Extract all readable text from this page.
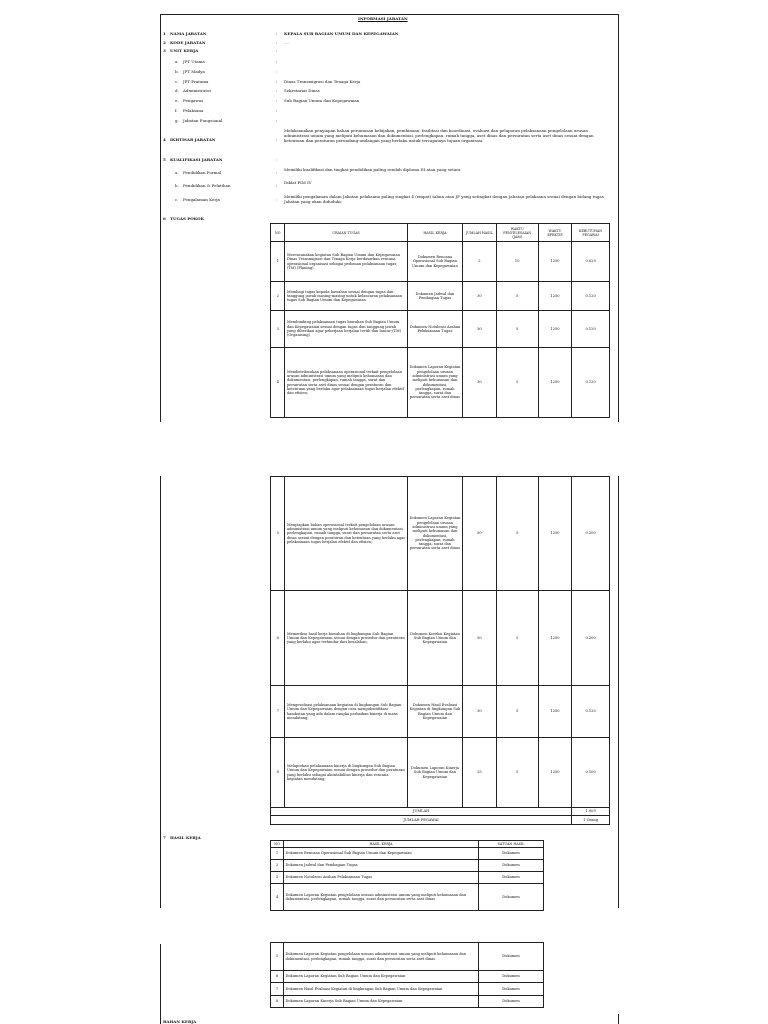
INFORMASI JABATAN
1 NAMA JABATAN	: KEPALA SUB BAGIAN UMUM DAN KEPEGAWAIAN
2 KODE JABATAN	: ....
3 UNIT KERJA	:
a. JPT Utama	:
b. JPT Madya	:
c. JPT Pratama	: Dinas Transmigrasi dan Tenaga Kerja
d. Administrator	: Sekretariat Dinas
e. Pengawas	: Sub Bagian Umum dan Kepegawaian
f. Pelaksana	:
g. Jabatan Fungsional	:
4 IKHTISAR JABATAN	:
Melaksanakan penyiapan bahan perumusan kebijakan, pembinaan, fasilitasi dan koordinasi, evaluasi dan pelaporan pelaksanaan pengelolaan urusan administrasi umum yang meliputi kehumasan dan dokumentasi, perlengkapan, rumah tangga, aset dinas dan persuratan serta aset dinas sesuai dengan ketentuan dan peraturan perundang-undangan yang berlaku untuk tercapainya tujuan organisasi.
5 KUALIFIKASI JABATAN	:
a. Pendidikan Formal	:
Memiliki kualifikasi dan tingkat pendidikan paling rendah diploma III atau yang setara
b. Pendidikan & Pelatihan	:
Diklat PIM IV
c. Pengalaman Kerja	:
Memiliki pengalaman dalam Jabatan pelaksana paling singkat 4 (empat) tahun atau JF yang setingkat dengan Jabatan pelaksana sesuai dengan bidang tugas Jabatan yang akan diduduki;
6 TUGAS POKOK
NO	URAIAN TUGAS	HASIL KERJA	JUMLAH HASIL	WAKTU PENYELESAIAN (JAM)	WAKTU EFEKTIF	KEBUTUHAN PEGAWAI
1	Merencanakan kegiatan Sub Bagian Umum dan Kepegawaian Dinas Transmigrasi dan Tenaga Kerja berdasarkan rencana operasional organisasi sebagai pedoman pelaksanaan tugas; (TM) (Planing)	Dokumen Rencana Operasional Sub Bagian Umum dan Kepegawaian	2	10	1250	0.029
2	Membagi tugas kepada bawahan sesuai dengan tugas dan tanggung jawab masing-masing untuk kelancaran pelaksanaan tugas Sub Bagian Umum dan Kepegawaian	Dokumen Jadwal dan Pembagian Tugas	30	5	1250	0.120
3	Membimbing pelaksanaan tugas bawahan Sub Bagian Umum dan Kepegawaian sesuai dengan tugas dan tanggung jawab yang diberikan agar pekerjaan berjalan tertib dan lancar;(TM) (Organising)	Dokumen Notulensi Arahan Pelaksanaan Tugas	30	5	1250	0.120
4	Mendistribusikan pelaksanaan operasional terkait pengelolaan urusan administrasi umum yang meliputi kehumasan dan dokumentasi, perlengkapan, rumah tangga, surat dan persuratan serta aset dinas sesuai dengan peraturan dan ketentuan yang berlaku agar pelaksanaan tugas berjalan efektif dan efisien;	Dokumen Laporan Kegiatan pengelolaan urusan administrasi umum yang meliputi kehumasan dan dokumentasi, perlengkapan, rumah tangga, surat dan persuratan serta aset dinas	30	5	1250	0.120
5	Menyiapkan bahan operasional terkait pengelolaan urusan administrasi umum yang meliputi kehumasan dan dokumentasi, perlengkapan, rumah tangga, surat dan persuratan serta aset dinas sesuai dengan peraturan dan ketentuan yang berlaku agar pelaksanaan tugas berjalan efektif dan efisien;	Dokumen Laporan Kegiatan pengelolaan urusan administrasi umum yang meliputi kehumasan dan dokumentasi, perlengkapan, rumah tangga, surat dan persuratan serta aset dinas	50	5	1250	0.200
6	Memeriksa hasil kerja bawahan di lingkungan Sub Bagian Umum dan Kepegawaian sesuai dengan prosedur dan peraturan yang berlaku agar terhindar dari kesalahan;	Dokumen Koreksi Kegiatan Sub Bagian Umum dan Kepegawaian	50	5	1250	0.200
7	Mengevaluasi pelaksanaan kegiatan di lingkungan Sub Bagian Umum dan Kepegawaian dengan cara mengidentifikasi hambatan yang ada dalam rangka perbaikan kinerja di masa mendatang;	Dokumen Hasil Evaluasi Kegiatan di lingkungan Sub Bagian Umum dan Kepegawaian	30	5	1250	0.120
8	Melaporkan pelaksanaan kinerja di lingkungan Sub Bagian Umum dan Kepegawaian sesuai dengan prosedur dan peraturan yang berlaku sebagai akuntabilitas kinerja dan rencana kegiatan mendatang;	Dokumen Laporan Kinerja Sub Bagian Umum dan Kepegawaian	25	5	1250	0.100
JUMLAH						1.009
JUMLAH PEGAWAI						1 Orang
7 HASIL KERJA
NO	HASIL KERJA	SATUAN HASIL
1	Dokumen Rencana Operasional Sub Bagian Umum dan Kepegawaian	Dokumen
2	Dokumen Jadwal dan Pembagian Tugas	Dokumen
3	Dokumen Notulensi Arahan Pelaksanaan Tugas	Dokumen
4	Dokumen Laporan Kegiatan pengelolaan urusan administrasi umum yang meliputi kehumasan dan dokumentasi, perlengkapan, rumah tangga, surat dan persuratan serta aset dinas	Dokumen
5	Dokumen Laporan Kegiatan pengelolaan urusan administrasi umum yang meliputi kehumasan dan dokumentasi, perlengkapan, rumah tangga, surat dan persuratan serta aset dinas	Dokumen
6	Dokumen Laporan Kegiatan Sub Bagian Umum dan Kepegawaian	Dokumen
7	Dokumen Hasil Evaluasi Kegiatan di lingkungan Sub Bagian Umum dan Kepegawaian	Dokumen
8	Dokumen Laporan Kinerja Sub Bagian Umum dan Kepegawaian	Dokumen
BAHAN KERJA
